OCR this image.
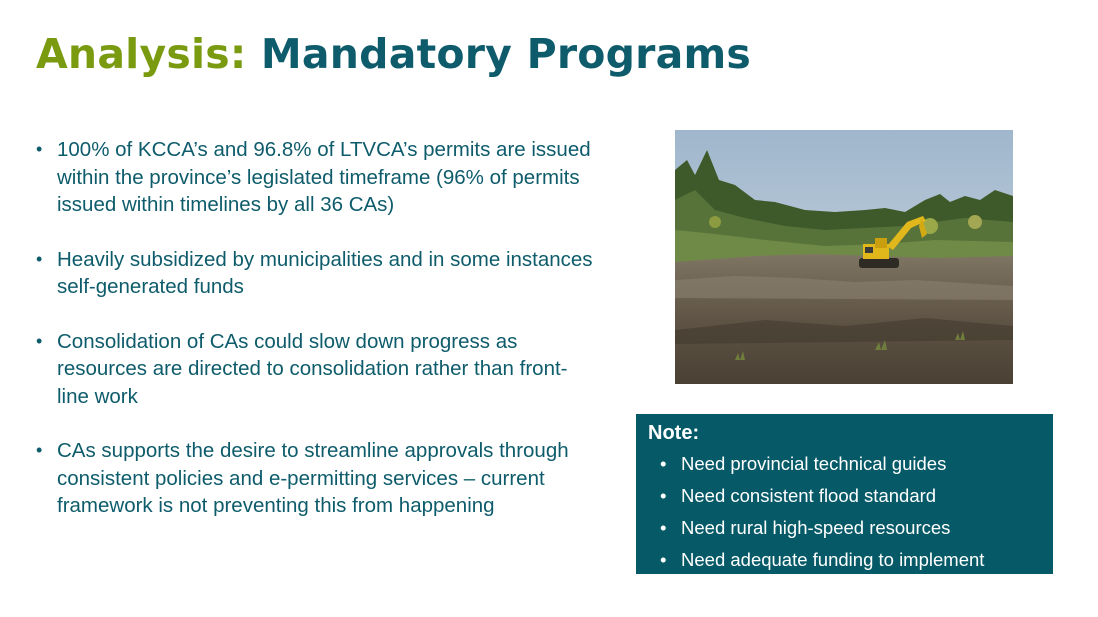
Analysis: Mandatory Programs
• 100% of KCCA’s and 96.8% of LTVCA’s permits are issued within the province’s legislated timeframe (96% of permits issued within timelines by all 36 CAs)
• Heavily subsidized by municipalities and in some instances self-generated funds
• Consolidation of CAs could slow down progress as resources are directed to consolidation rather than front-line work
• CAs supports the desire to streamline approvals through consistent policies and e-permitting services – current framework is not preventing this from happening
Note:
• Need provincial technical guides
• Need consistent flood standard
• Need rural high-speed resources
• Need adequate funding to implement
